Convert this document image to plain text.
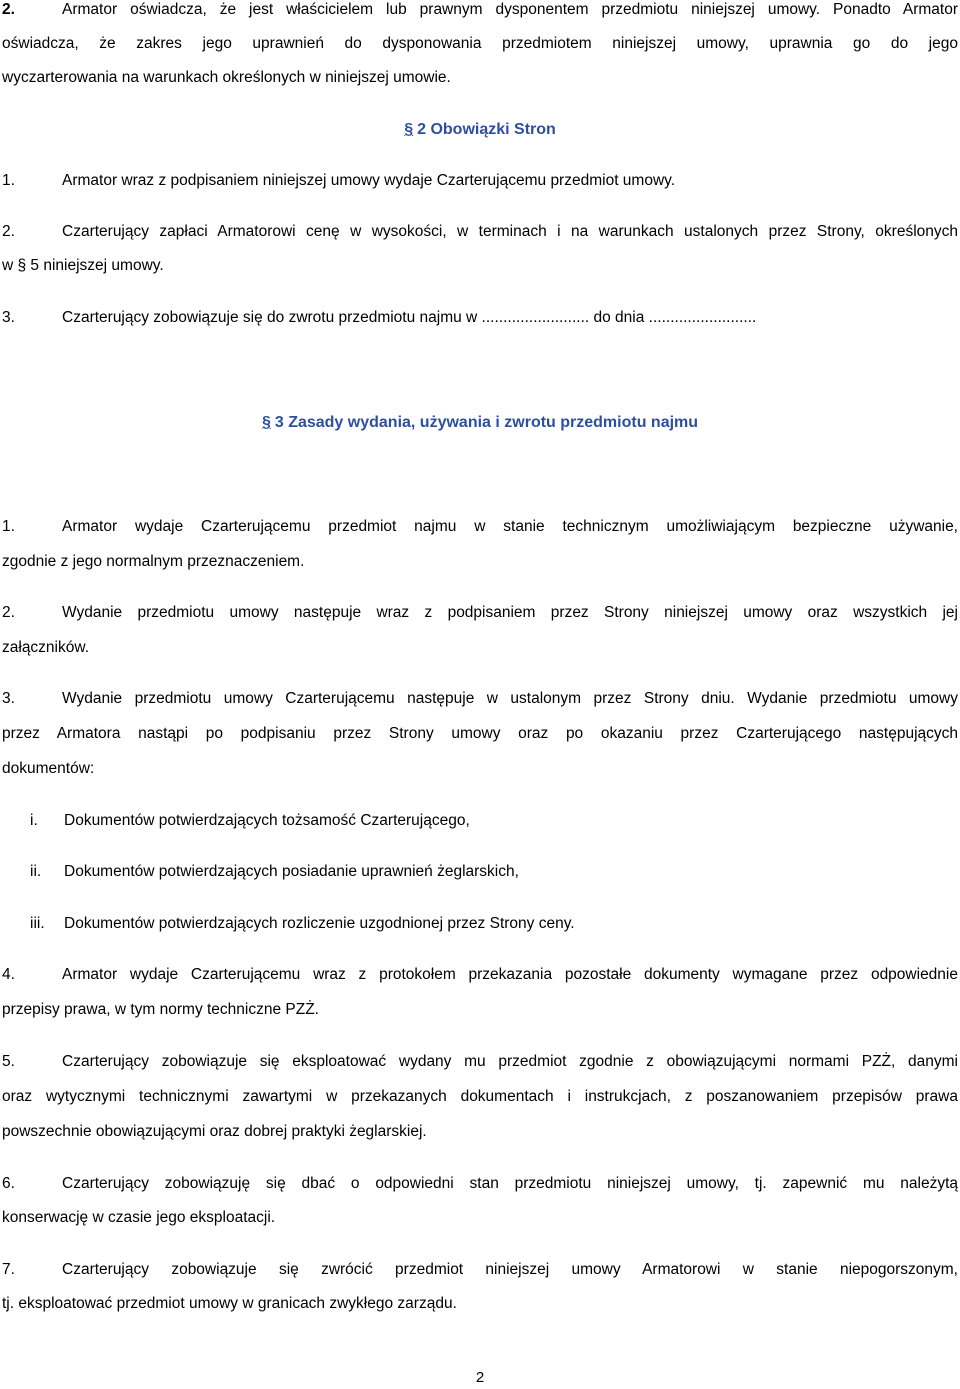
2.	Armator oświadcza, że jest właścicielem lub prawnym dysponentem przedmiotu niniejszej umowy. Ponadto Armator
oświadcza, że zakres jego uprawnień do dysponowania przedmiotem niniejszej umowy, uprawnia go do jego
wyczarterowania na warunkach określonych w niniejszej umowie.
§ 2 Obowiązki Stron
1.	Armator wraz z podpisaniem niniejszej umowy wydaje Czarterującemu przedmiot umowy.
2.	Czarterujący zapłaci Armatorowi cenę w wysokości, w terminach i na warunkach ustalonych przez Strony, określonych
w § 5 niniejszej umowy.
3.	Czarterujący zobowiązuje się do zwrotu przedmiotu najmu w ......................... do dnia .........................
§ 3 Zasady wydania, używania i zwrotu przedmiotu najmu
1.	Armator wydaje Czarterującemu przedmiot najmu w stanie technicznym umożliwiającym bezpieczne używanie,
zgodnie z jego normalnym przeznaczeniem.
2.	Wydanie przedmiotu umowy następuje wraz z podpisaniem przez Strony niniejszej umowy oraz wszystkich jej
załączników.
3.	Wydanie przedmiotu umowy Czarterującemu następuje w ustalonym przez Strony dniu. Wydanie przedmiotu umowy
przez Armatora nastąpi po podpisaniu przez Strony umowy oraz po okazaniu przez Czarterującego następujących
dokumentów:
i. Dokumentów potwierdzających tożsamość Czarterującego,
ii. Dokumentów potwierdzających posiadanie uprawnień żeglarskich,
iii. Dokumentów potwierdzających rozliczenie uzgodnionej przez Strony ceny.
4.	Armator wydaje Czarterującemu wraz z protokołem przekazania pozostałe dokumenty wymagane przez odpowiednie
przepisy prawa, w tym normy techniczne PZŻ.
5.	Czarterujący zobowiązuje się eksploatować wydany mu przedmiot zgodnie z obowiązującymi normami PZŻ, danymi
oraz wytycznymi technicznymi zawartymi w przekazanych dokumentach i instrukcjach, z poszanowaniem przepisów prawa
powszechnie obowiązującymi oraz dobrej praktyki żeglarskiej.
6.	Czarterujący zobowiązuję się dbać o odpowiedni stan przedmiotu niniejszej umowy, tj. zapewnić mu należytą
konserwację w czasie jego eksploatacji.
7.	Czarterujący zobowiązuje się zwrócić przedmiot niniejszej umowy Armatorowi w stanie niepogorszonym,
tj. eksploatować przedmiot umowy w granicach zwykłego zarządu.
2
